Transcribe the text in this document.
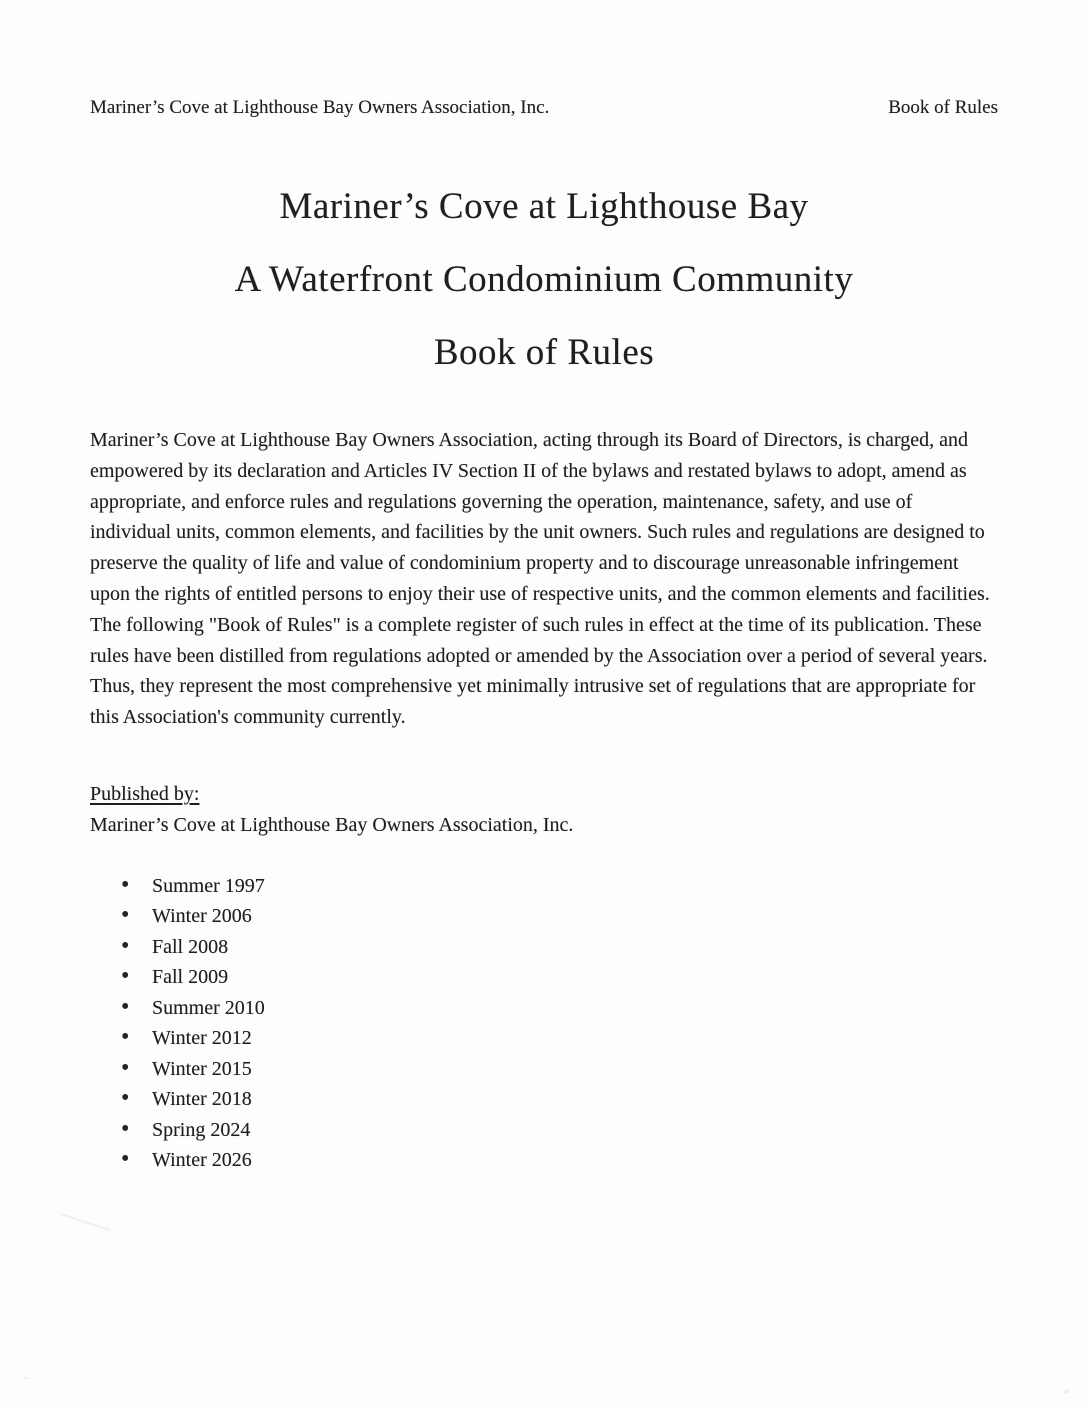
Mariner’s Cove at Lighthouse Bay Owners Association, Inc.	Book of Rules
Mariner’s Cove at Lighthouse Bay
A Waterfront Condominium Community
Book of Rules

Mariner’s Cove at Lighthouse Bay Owners Association, acting through its Board of Directors, is charged, and empowered by its declaration and Articles IV Section II of the bylaws and restated bylaws to adopt, amend as appropriate, and enforce rules and regulations governing the operation, maintenance, safety, and use of individual units, common elements, and facilities by the unit owners. Such rules and regulations are designed to preserve the quality of life and value of condominium property and to discourage unreasonable infringement upon the rights of entitled persons to enjoy their use of respective units, and the common elements and facilities. The following "Book of Rules" is a complete register of such rules in effect at the time of its publication. These rules have been distilled from regulations adopted or amended by the Association over a period of several years. Thus, they represent the most comprehensive yet minimally intrusive set of regulations that are appropriate for this Association's community currently.

Published by:
Mariner’s Cove at Lighthouse Bay Owners Association, Inc.
• Summer 1997
• Winter 2006
• Fall 2008
• Fall 2009
• Summer 2010
• Winter 2012
• Winter 2015
• Winter 2018
• Spring 2024
• Winter 2026
